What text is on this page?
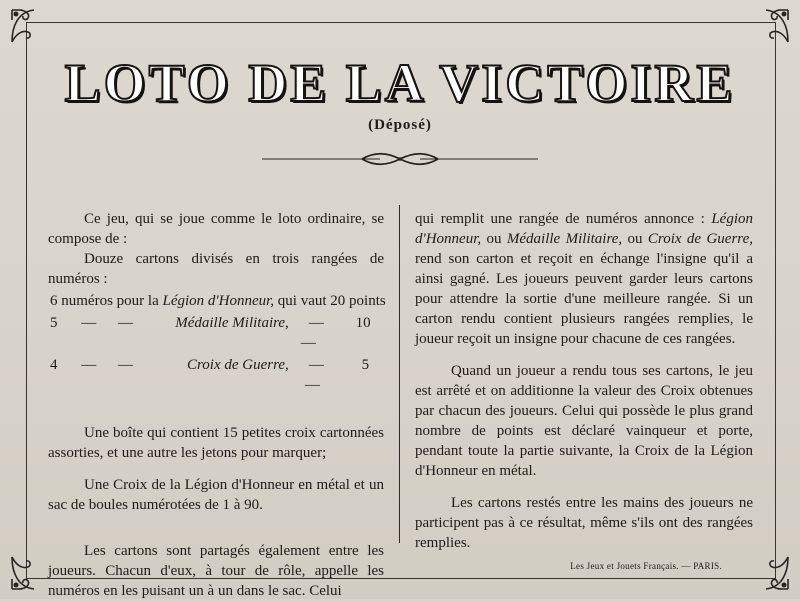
LOTO DE LA VICTOIRE

(Déposé)

Ce jeu, qui se joue comme le loto ordinaire, se compose de :

Douze cartons divisés en trois rangées de numéros :

6 numéros pour la Légion d'Honneur, qui vaut 20 points		
5 — —	Médaille Militaire,	— 10 —
4 — —	Croix de Guerre,	— 5 —

Une boîte qui contient 15 petites croix cartonnées assorties, et une autre les jetons pour marquer;

Une Croix de la Légion d'Honneur en métal et un sac de boules numérotées de 1 à 90.

Les cartons sont partagés également entre les joueurs. Chacun d'eux, à tour de rôle, appelle les numéros en les puisant un à un dans le sac. Celui

qui remplit une rangée de numéros annonce : Légion d'Honneur, ou Médaille Militaire, ou Croix de Guerre, rend son carton et reçoit en échange l'insigne qu'il a ainsi gagné. Les joueurs peuvent garder leurs cartons pour attendre la sortie d'une meilleure rangée. Si un carton rendu contient plusieurs rangées remplies, le joueur reçoit un insigne pour chacune de ces rangées.

Quand un joueur a rendu tous ses cartons, le jeu est arrêté et on additionne la valeur des Croix obtenues par chacun des joueurs. Celui qui possède le plus grand nombre de points est déclaré vainqueur et porte, pendant toute la partie suivante, la Croix de la Légion d'Honneur en métal.

Les cartons restés entre les mains des joueurs ne participent pas à ce résultat, même s'ils ont des rangées remplies.

Les Jeux et Jouets Français. — PARIS.
